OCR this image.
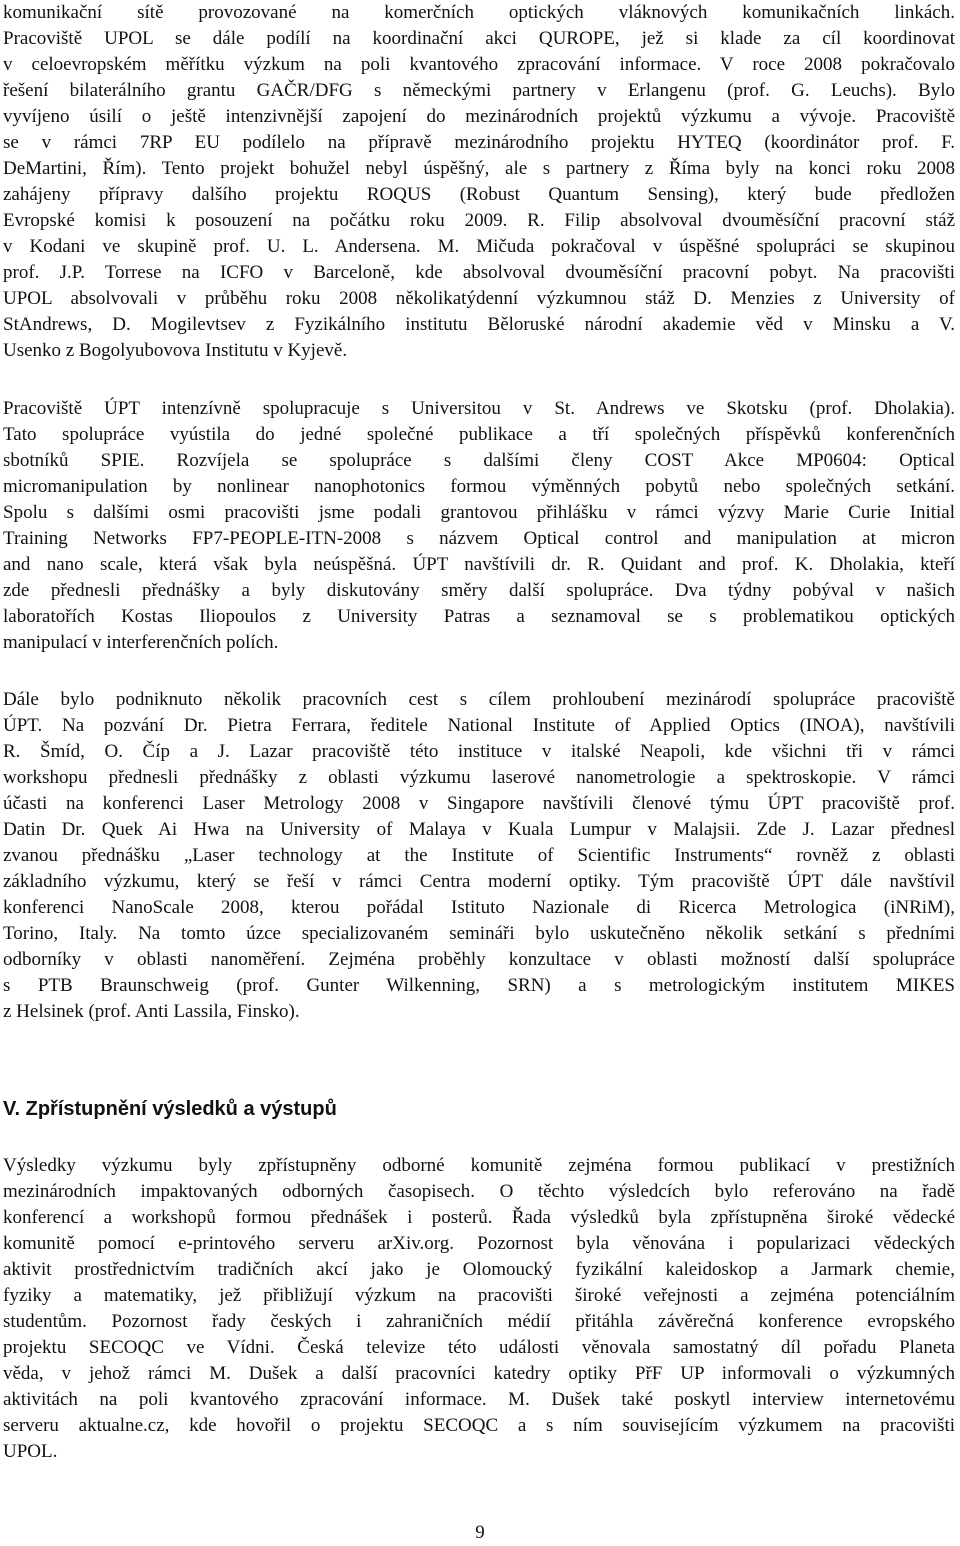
komunikační sítě provozované na komerčních optických vláknových komunikačních linkách.
Pracoviště UPOL se dále podílí na koordinační akci QUROPE, jež si klade za cíl koordinovat
v celoevropském měřítku výzkum na poli kvantového zpracování informace. V roce 2008 pokračovalo
řešení bilaterálního grantu GAČR/DFG s německými partnery v Erlangenu (prof. G. Leuchs). Bylo
vyvíjeno úsilí o ještě intenzivnější zapojení do mezinárodních projektů výzkumu a vývoje. Pracoviště
se v rámci 7RP EU podílelo na přípravě mezinárodního projektu HYTEQ (koordinátor prof. F.
DeMartini, Řím). Tento projekt bohužel nebyl úspěšný, ale s partnery z Říma byly na konci roku 2008
zahájeny přípravy dalšího projektu ROQUS (Robust Quantum Sensing), který bude předložen
Evropské komisi k posouzení na počátku roku 2009. R. Filip absolvoval dvouměsíční pracovní stáž
v Kodani ve skupině prof. U. L. Andersena. M. Mičuda pokračoval v úspěšné spolupráci se skupinou
prof. J.P. Torrese na ICFO v Barceloně, kde absolvoval dvouměsíční pracovní pobyt. Na pracovišti
UPOL absolvovali v průběhu roku 2008 několikatýdenní výzkumnou stáž D. Menzies z University of
StAndrews, D. Mogilevtsev z Fyzikálního institutu Běloruské národní akademie věd v Minsku a V.
Usenko z Bogolyubovova Institutu v Kyjevě.
Pracoviště ÚPT intenzívně spolupracuje s Universitou v St. Andrews ve Skotsku (prof. Dholakia).
Tato spolupráce vyústila do jedné společné publikace a tří společných příspěvků konferenčních
sbotníků SPIE. Rozvíjela se spolupráce s dalšími členy COST Akce MP0604: Optical
micromanipulation by nonlinear nanophotonics formou výměnných pobytů nebo společných setkání.
Spolu s dalšími osmi pracovišti jsme podali grantovou přihlášku v rámci výzvy Marie Curie Initial
Training Networks FP7-PEOPLE-ITN-2008 s názvem Optical control and manipulation at micron
and nano scale, která však byla neúspěšná. ÚPT navštívili dr. R. Quidant and prof. K. Dholakia, kteří
zde přednesli přednášky a byly diskutovány směry další spolupráce. Dva týdny pobýval v našich
laboratořích Kostas Iliopoulos z University Patras a seznamoval se s problematikou optických
manipulací v interferenčních polích.
Dále bylo podniknuto několik pracovních cest s cílem prohloubení mezinárodí spolupráce pracoviště
ÚPT. Na pozvání Dr. Pietra Ferrara, ředitele National Institute of Applied Optics (INOA), navštívili
R. Šmíd, O. Číp a J. Lazar pracoviště této instituce v italské Neapoli, kde všichni tři v rámci
workshopu přednesli přednášky z oblasti výzkumu laserové nanometrologie a spektroskopie. V rámci
účasti na konferenci Laser Metrology 2008 v Singapore navštívili členové týmu ÚPT pracoviště prof.
Datin Dr. Quek Ai Hwa na University of Malaya v Kuala Lumpur v Malajsii. Zde J. Lazar přednesl
zvanou přednášku „Laser technology at the Institute of Scientific Instruments“ rovněž z oblasti
základního výzkumu, který se řeší v rámci Centra moderní optiky. Tým pracoviště ÚPT dále navštívil
konferenci NanoScale 2008, kterou pořádal Istituto Nazionale di Ricerca Metrologica (iNRiM),
Torino, Italy. Na tomto úzce specializovaném semináři bylo uskutečněno několik setkání s předními
odborníky v oblasti nanoměření. Zejména proběhly konzultace v oblasti možností další spolupráce
s PTB Braunschweig (prof. Gunter Wilkenning, SRN) a s metrologickým institutem MIKES
z Helsinek (prof. Anti Lassila, Finsko).
V. Zpřístupnění výsledků a výstupů
Výsledky výzkumu byly zpřístupněny odborné komunitě zejména formou publikací v prestižních
mezinárodních impaktovaných odborných časopisech. O těchto výsledcích bylo referováno na řadě
konferencí a workshopů formou přednášek i posterů. Řada výsledků byla zpřístupněna široké vědecké
komunitě pomocí e-printového serveru arXiv.org. Pozornost byla věnována i popularizaci vědeckých
aktivit prostřednictvím tradičních akcí jako je Olomoucký fyzikální kaleidoskop a Jarmark chemie,
fyziky a matematiky, jež přibližují výzkum na pracovišti široké veřejnosti a zejména potenciálním
studentům. Pozornost řady českých i zahraničních médií přitáhla závěrečná konference evropského
projektu SECOQC ve Vídni. Česká televize této události věnovala samostatný díl pořadu Planeta
věda, v jehož rámci M. Dušek a další pracovníci katedry optiky PřF UP informovali o výzkumných
aktivitách na poli kvantového zpracování informace. M. Dušek také poskytl interview internetovému
serveru aktualne.cz, kde hovořil o projektu SECOQC a s ním souvisejícím výzkumem na pracovišti
UPOL.
9
